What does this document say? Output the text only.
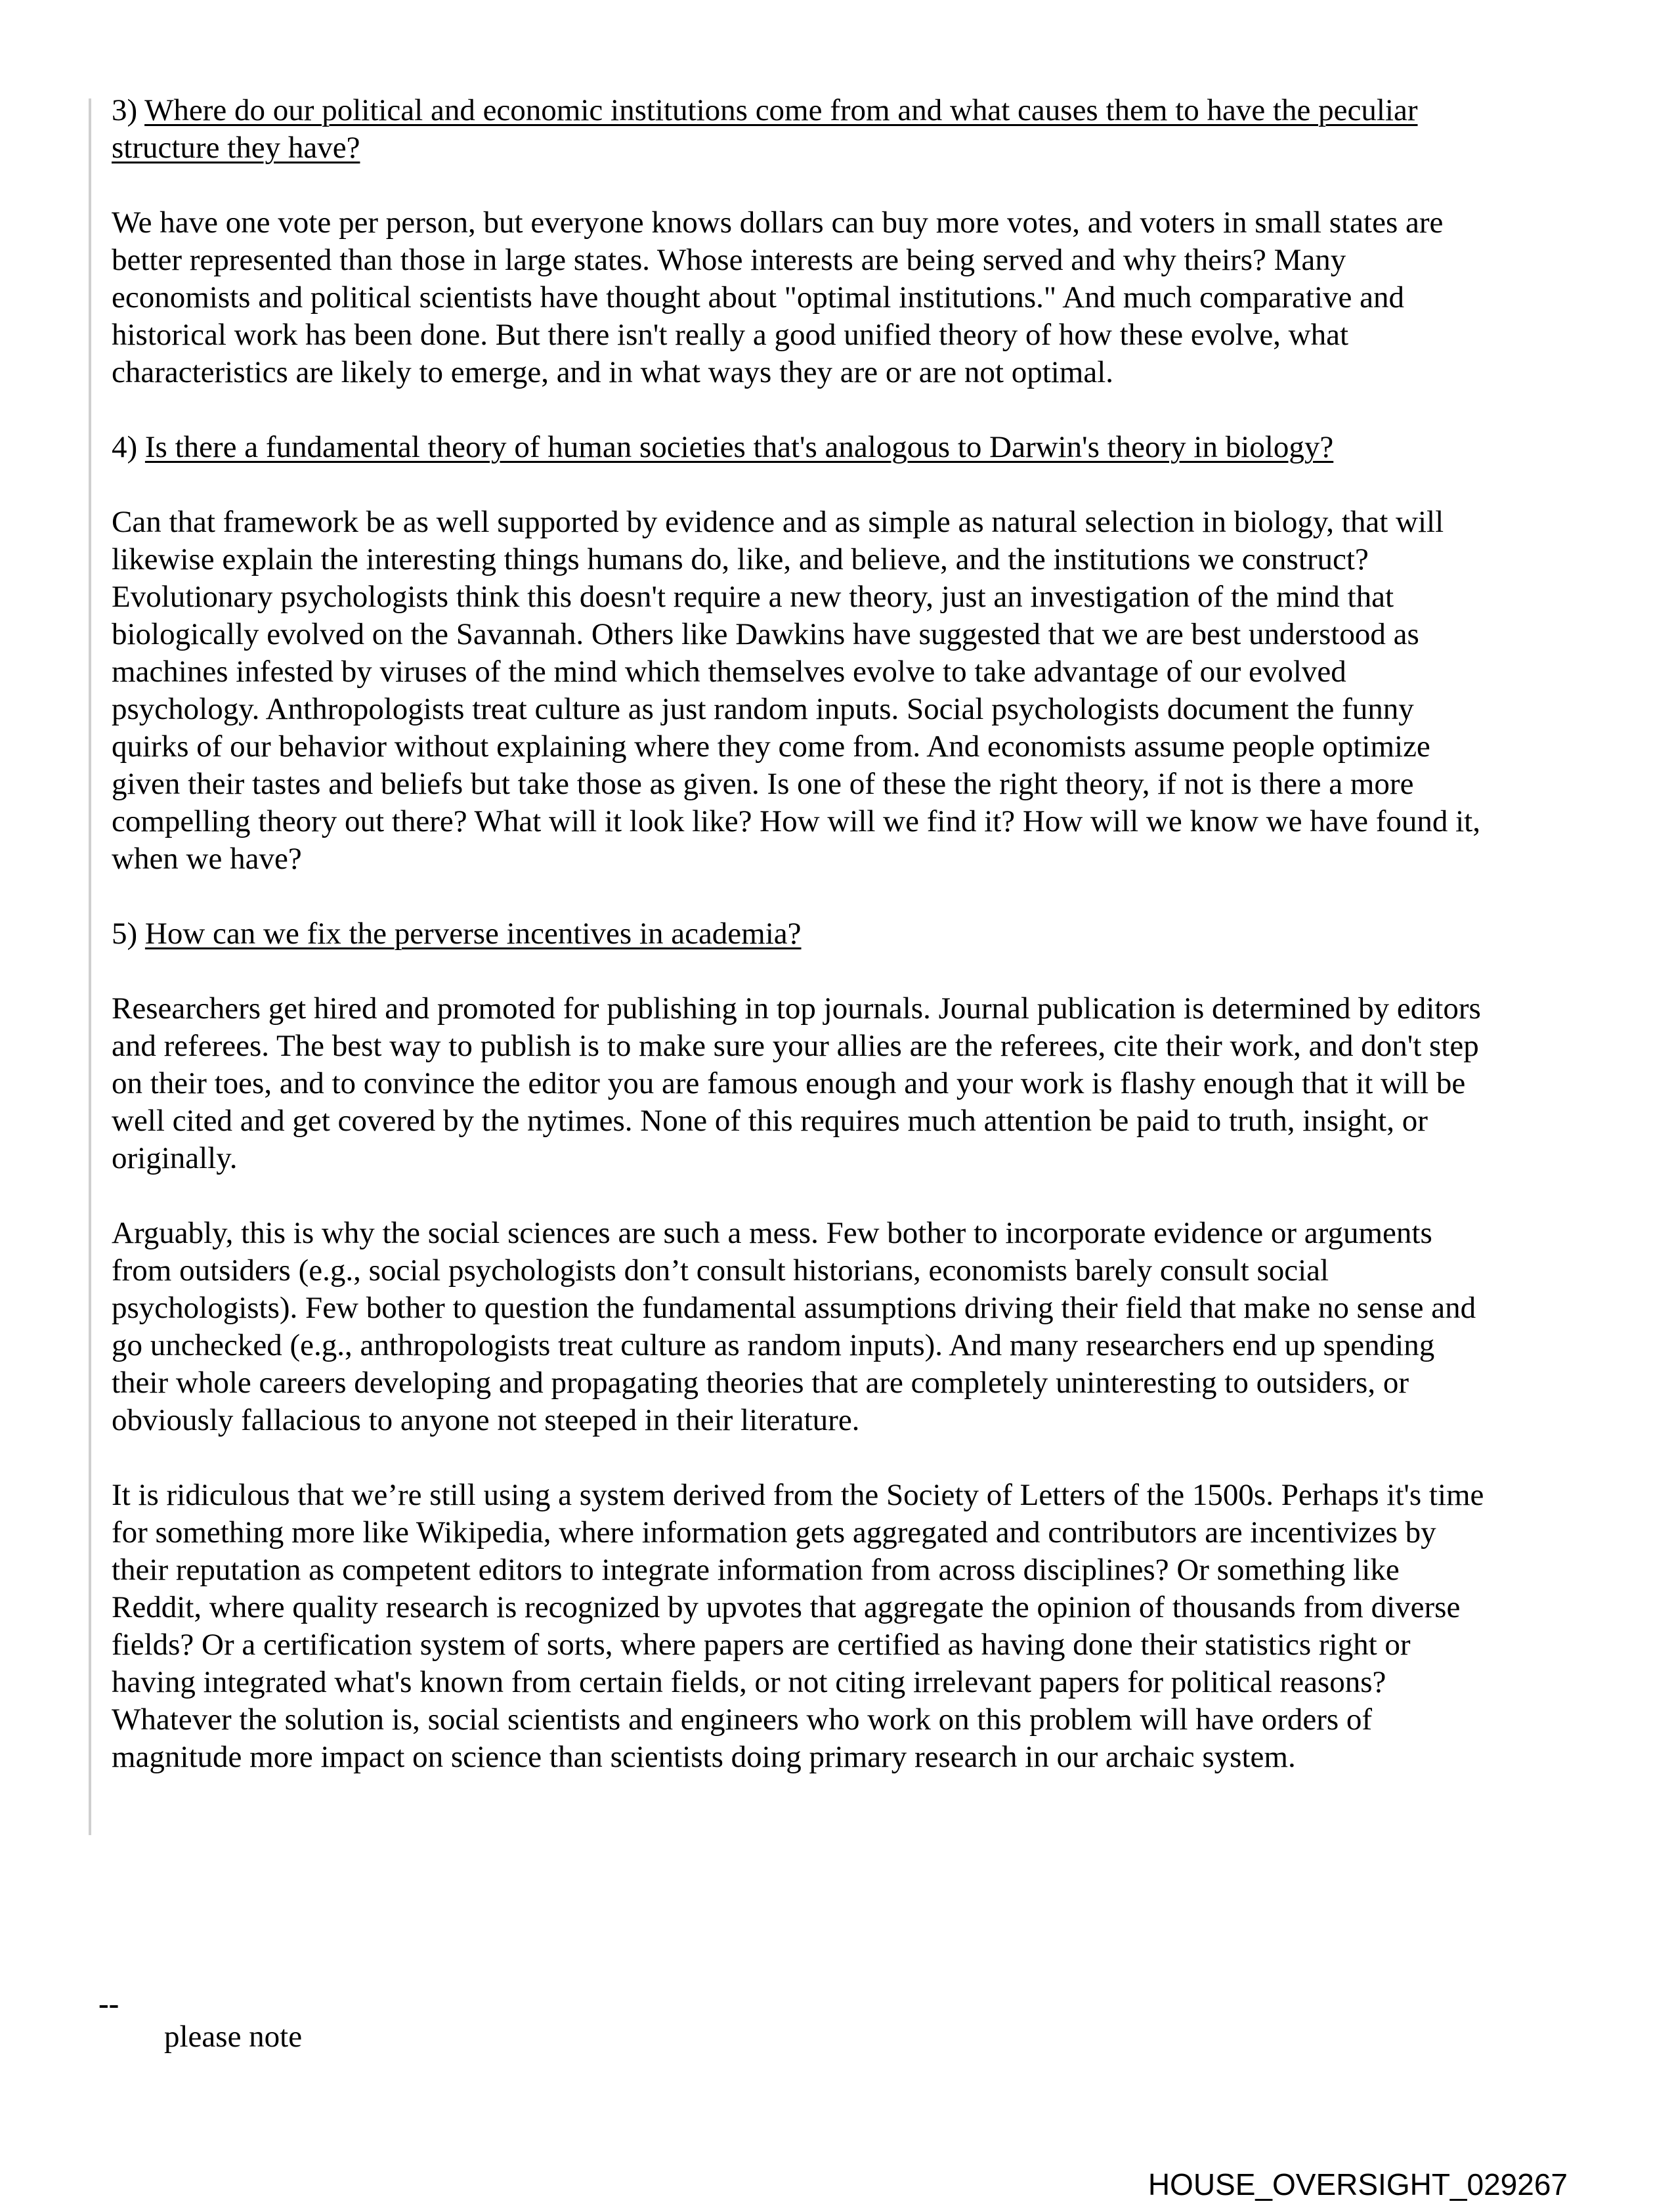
3) Where do our political and economic institutions come from and what causes them to have the peculiar
structure they have?
We have one vote per person, but everyone knows dollars can buy more votes, and voters in small states are
better represented than those in large states. Whose interests are being served and why theirs? Many
economists and political scientists have thought about "optimal institutions." And much comparative and
historical work has been done. But there isn't really a good unified theory of how these evolve, what
characteristics are likely to emerge, and in what ways they are or are not optimal.
4) Is there a fundamental theory of human societies that's analogous to Darwin's theory in biology?
Can that framework be as well supported by evidence and as simple as natural selection in biology, that will
likewise explain the interesting things humans do, like, and believe, and the institutions we construct?
Evolutionary psychologists think this doesn't require a new theory, just an investigation of the mind that
biologically evolved on the Savannah. Others like Dawkins have suggested that we are best understood as
machines infested by viruses of the mind which themselves evolve to take advantage of our evolved
psychology. Anthropologists treat culture as just random inputs. Social psychologists document the funny
quirks of our behavior without explaining where they come from. And economists assume people optimize
given their tastes and beliefs but take those as given. Is one of these the right theory, if not is there a more
compelling theory out there? What will it look like? How will we find it? How will we know we have found it,
when we have?
5) How can we fix the perverse incentives in academia?
Researchers get hired and promoted for publishing in top journals. Journal publication is determined by editors
and referees. The best way to publish is to make sure your allies are the referees, cite their work, and don't step
on their toes, and to convince the editor you are famous enough and your work is flashy enough that it will be
well cited and get covered by the nytimes. None of this requires much attention be paid to truth, insight, or
originally.
Arguably, this is why the social sciences are such a mess. Few bother to incorporate evidence or arguments
from outsiders (e.g., social psychologists don’t consult historians, economists barely consult social
psychologists). Few bother to question the fundamental assumptions driving their field that make no sense and
go unchecked (e.g., anthropologists treat culture as random inputs). And many researchers end up spending
their whole careers developing and propagating theories that are completely uninteresting to outsiders, or
obviously fallacious to anyone not steeped in their literature.
It is ridiculous that we’re still using a system derived from the Society of Letters of the 1500s. Perhaps it's time
for something more like Wikipedia, where information gets aggregated and contributors are incentivizes by
their reputation as competent editors to integrate information from across disciplines? Or something like
Reddit, where quality research is recognized by upvotes that aggregate the opinion of thousands from diverse
fields? Or a certification system of sorts, where papers are certified as having done their statistics right or
having integrated what's known from certain fields, or not citing irrelevant papers for political reasons?
Whatever the solution is, social scientists and engineers who work on this problem will have orders of
magnitude more impact on science than scientists doing primary research in our archaic system.
--
please note
HOUSE_OVERSIGHT_029267
